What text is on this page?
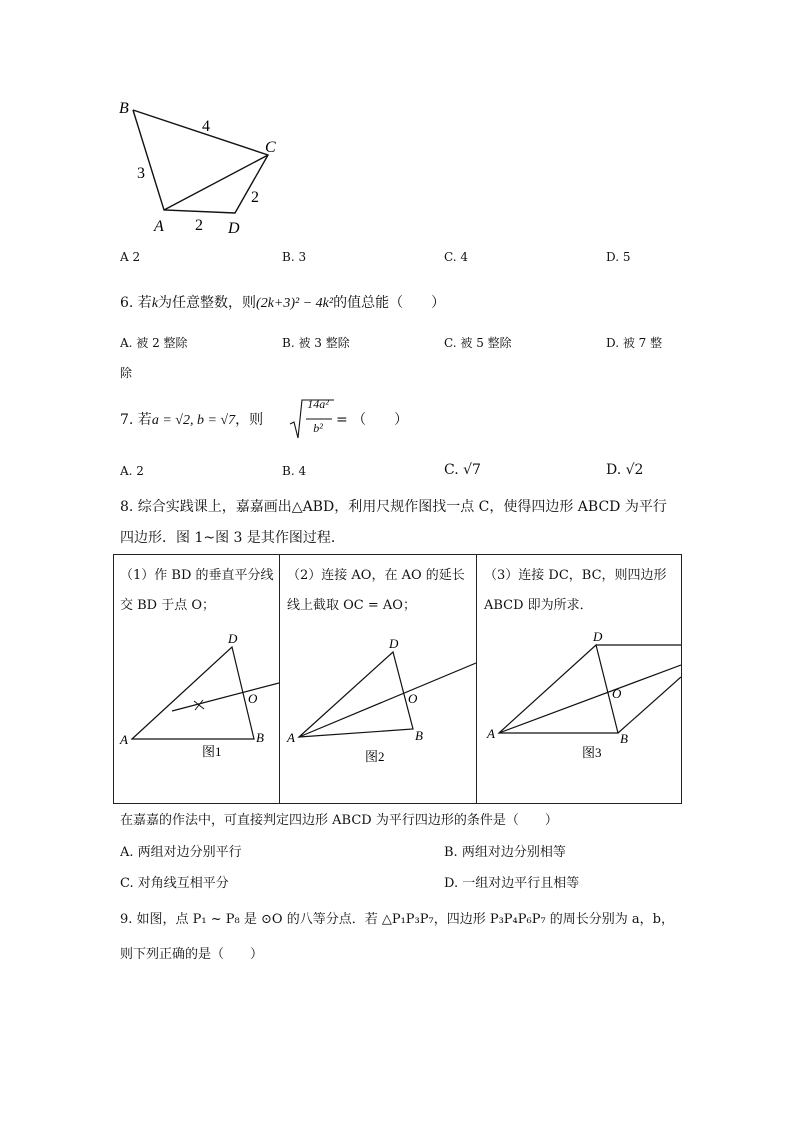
B
C
A	D
4
3
2
2
A 2	B. 3	C. 4	D. 5
6. 若k为任意整数，则(2k+3)² − 4k²的值总能（　　）
A. 被 2 整除	B. 被 3 整除	C. 被 5 整除	D. 被 7 整
除
7. 若a = √2, b = √7，则
14a²
b² = （　　）
A. 2	B. 4	C. √7	D. √2
8. 综合实践课上，嘉嘉画出△ABD，利用尺规作图找一点 C，使得四边形 ABCD 为平行
四边形．图 1~图 3 是其作图过程．
（1）作 BD 的垂直平分线交 BD 于点 O；
（2）连接 AO，在 AO 的延长线上截取 OC = AO；
（3）连接 DC，BC，则四边形 ABCD 即为所求．
D
A	B
O
图1
D
A	B
O
图2
D
A	B
O
图3
在嘉嘉的作法中，可直接判定四边形 ABCD 为平行四边形的条件是（　　）
A. 两组对边分别平行	B. 两组对边分别相等
C. 对角线互相平分	D. 一组对边平行且相等
9. 如图，点 P₁ ~ P₈ 是 ⊙O 的八等分点．若 △P₁P₃P₇，四边形 P₃P₄P₆P₇ 的周长分别为 a，b，
则下列正确的是（　　）
